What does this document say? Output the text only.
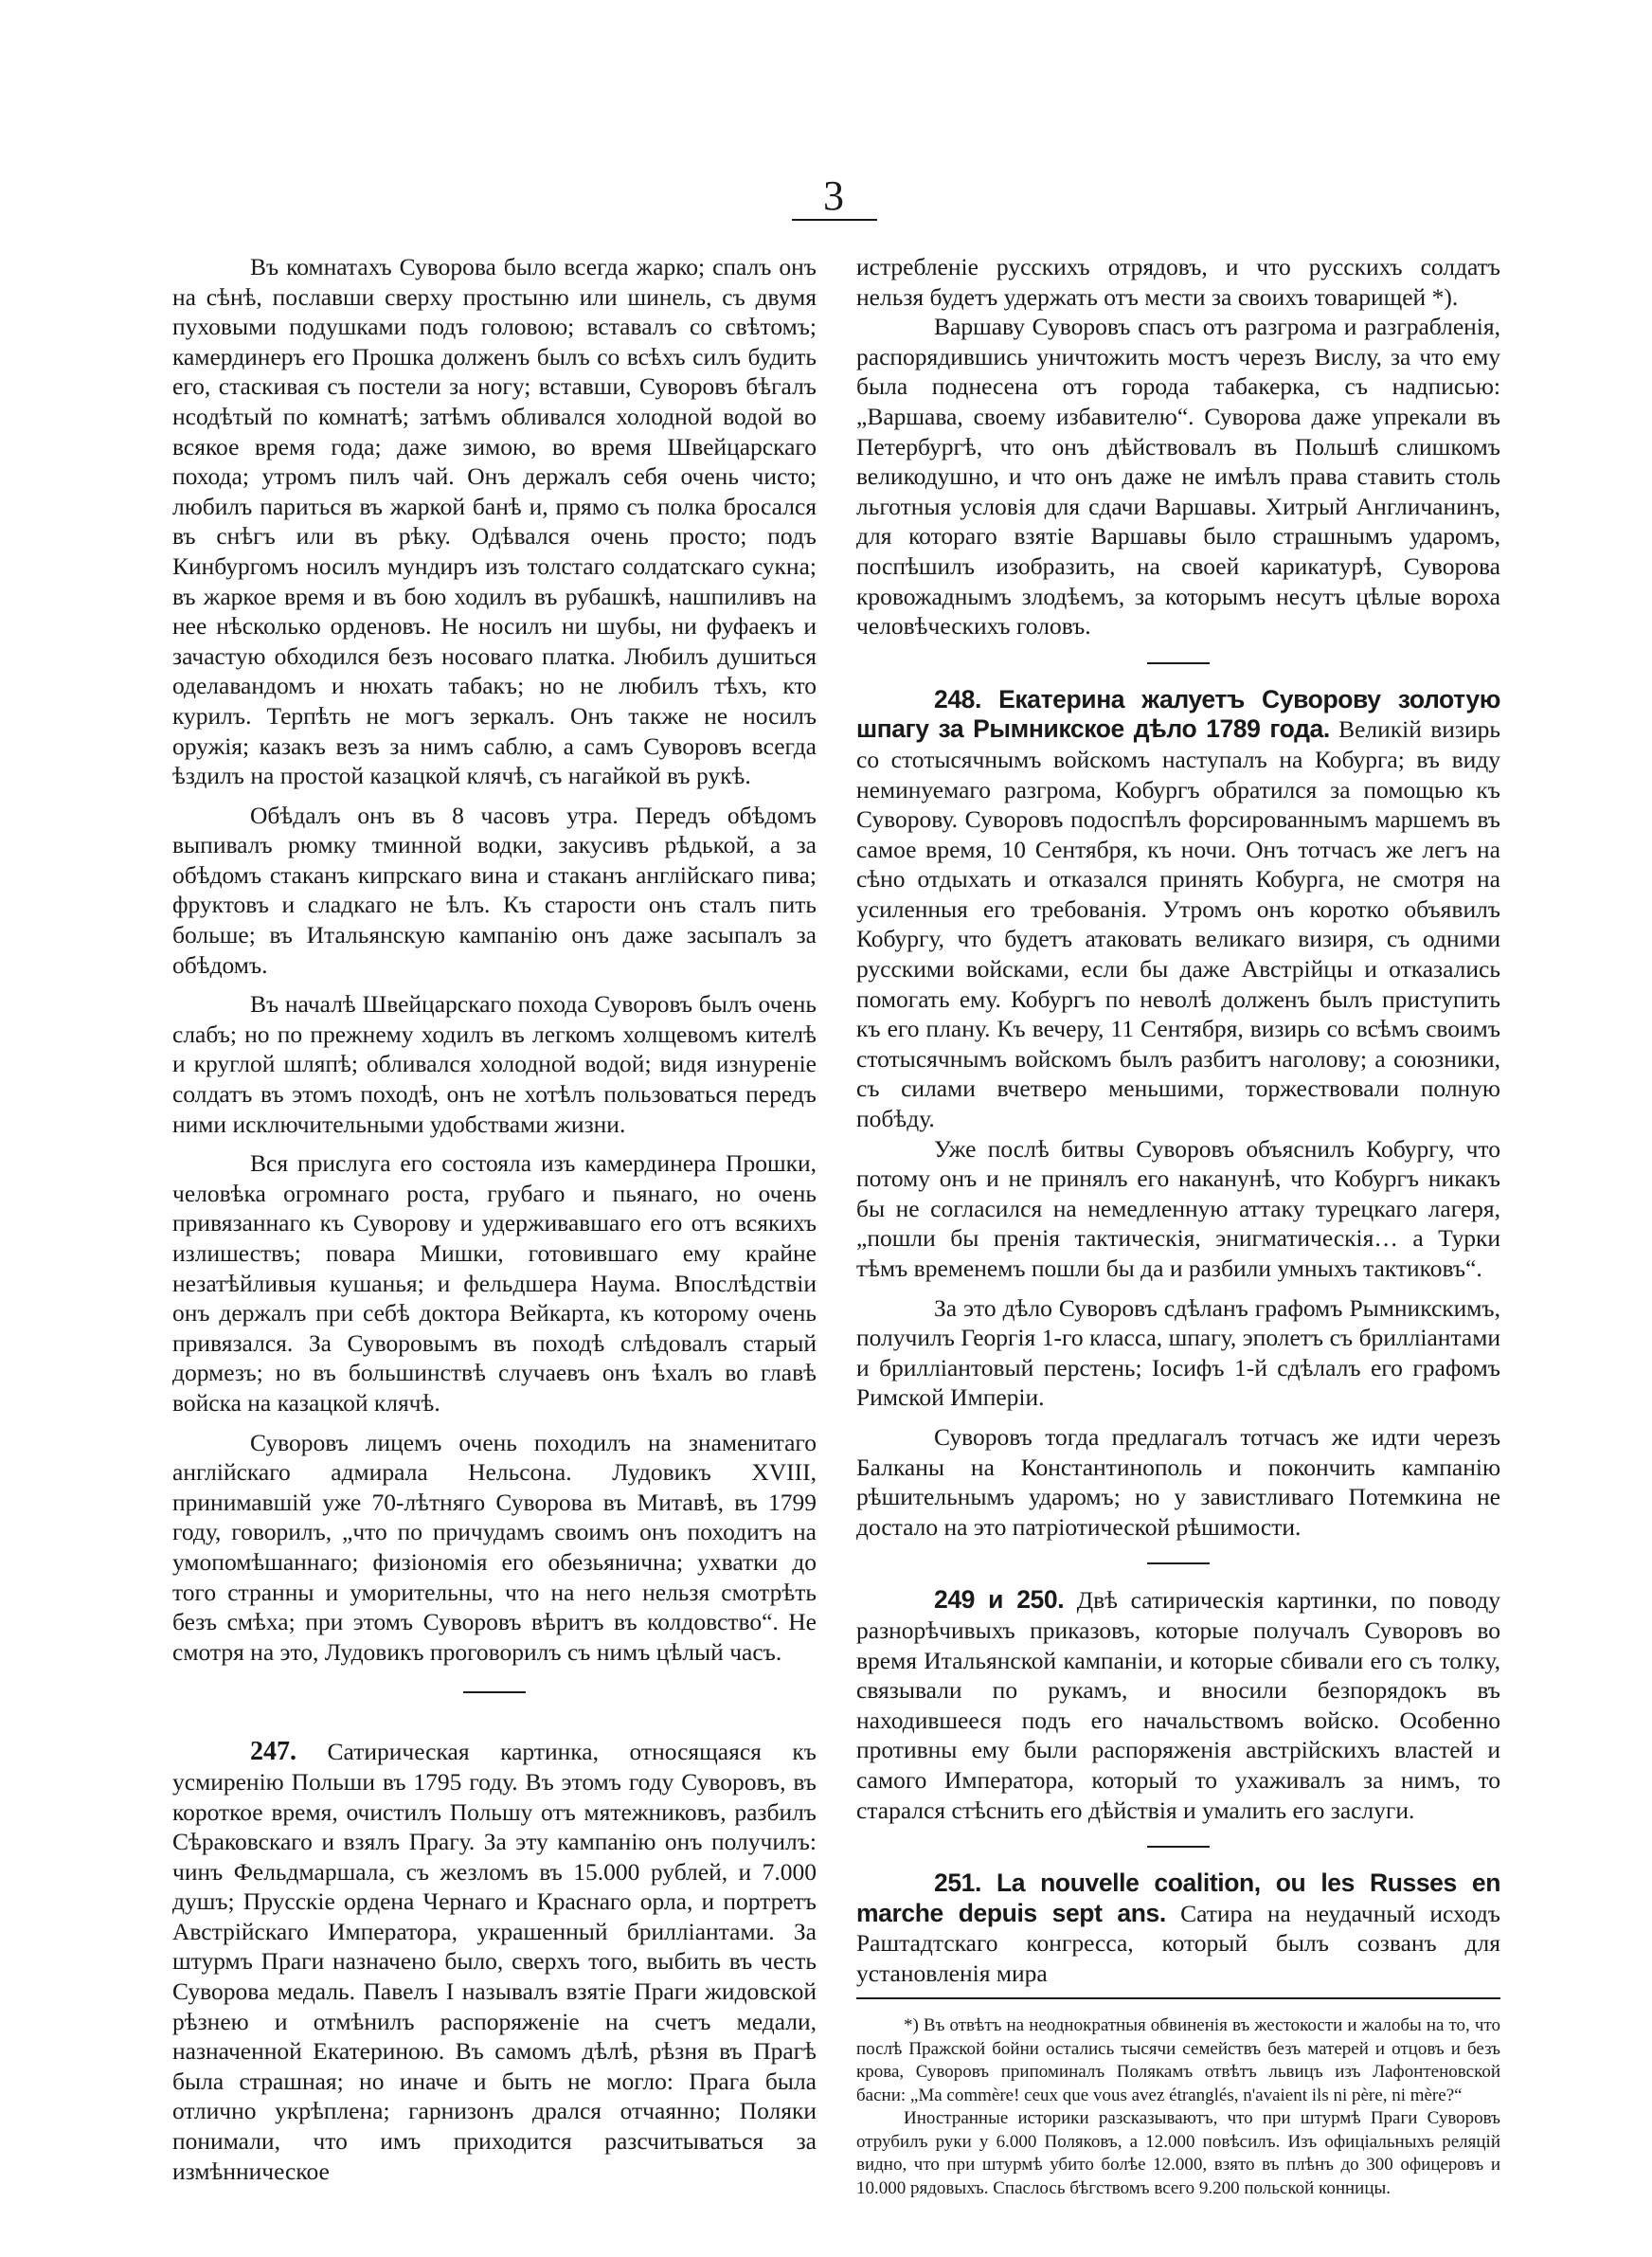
3

Въ комнатахъ Суворова было всегда жарко; спалъ онъ на сѣнѣ, пославши сверху простыню или шинель, съ двумя пуховыми подушками подъ головою; вставалъ со свѣтомъ; камердинеръ его Прошка долженъ былъ со всѣхъ силъ будить его, стаскивая съ постели за ногу; вставши, Суворовъ бѣгалъ нсодѣтый по комнатѣ; затѣмъ обливался холодной водой во всякое время года; даже зимою, во время Швейцарскаго похода; утромъ пилъ чай. Онъ держалъ себя очень чисто; любилъ париться въ жаркой банѣ и, прямо съ полка бросался въ снѣгъ или въ рѣку. Одѣвался очень просто; подъ Кинбургомъ носилъ мундиръ изъ толстаго солдатскаго сукна; въ жаркое время и въ бою ходилъ въ рубашкѣ, нашпиливъ на нее нѣсколько орденовъ. Не носилъ ни шубы, ни фуфаекъ и зачастую обходился безъ носоваго платка. Любилъ душиться оделавандомъ и нюхать табакъ; но не любилъ тѣхъ, кто курилъ. Терпѣть не могъ зеркалъ. Онъ также не носилъ оружія; казакъ везъ за нимъ саблю, а самъ Суворовъ всегда ѣздилъ на простой казацкой клячѣ, съ нагайкой въ рукѣ.

Обѣдалъ онъ въ 8 часовъ утра. Передъ обѣдомъ выпивалъ рюмку тминной водки, закусивъ рѣдькой, а за обѣдомъ стаканъ кипрскаго вина и стаканъ англійскаго пива; фруктовъ и сладкаго не ѣлъ. Къ старости онъ сталъ пить больше; въ Итальянскую кампанію онъ даже засыпалъ за обѣдомъ.

Въ началѣ Швейцарскаго похода Суворовъ былъ очень слабъ; но по прежнему ходилъ въ легкомъ холщевомъ кителѣ и круглой шляпѣ; обливался холодной водой; видя изнуреніе солдатъ въ этомъ походѣ, онъ не хотѣлъ пользоваться передъ ними исключительными удобствами жизни.

Вся прислуга его состояла изъ камердинера Прошки, человѣка огромнаго роста, грубаго и пьянаго, но очень привязаннаго къ Суворову и удерживавшаго его отъ всякихъ излишествъ; повара Мишки, готовившаго ему крайне незатѣйливыя кушанья; и фельдшера Наума. Впослѣдствіи онъ держалъ при себѣ доктора Вейкарта, къ которому очень привязался. За Суворовымъ въ походѣ слѣдовалъ старый дормезъ; но въ большинствѣ случаевъ онъ ѣхалъ во главѣ войска на казацкой клячѣ.

Суворовъ лицемъ очень походилъ на знаменитаго англійскаго адмирала Нельсона. Лудовикъ XVIII, принимавшій уже 70-лѣтняго Суворова въ Митавѣ, въ 1799 году, говорилъ, „что по причудамъ своимъ онъ походитъ на умопомѣшаннаго; физіономія его обезьянична; ухватки до того странны и уморительны, что на него нельзя смотрѣть безъ смѣха; при этомъ Суворовъ вѣритъ въ колдовство“. Не смотря на это, Лудовикъ проговорилъ съ нимъ цѣлый часъ.

247. Сатирическая картинка, относящаяся къ усмиренію Польши въ 1795 году. Въ этомъ году Суворовъ, въ короткое время, очистилъ Польшу отъ мятежниковъ, разбилъ Сѣраковскаго и взялъ Прагу. За эту кампанію онъ получилъ: чинъ Фельдмаршала, съ жезломъ въ 15.000 рублей, и 7.000 душъ; Прусскіе ордена Чернаго и Краснаго орла, и портретъ Австрійскаго Императора, украшенный бриллiантами. За штурмъ Праги назначено было, сверхъ того, выбить въ честь Суворова медаль. Павелъ I называлъ взятіе Праги жидовской рѣзнею и отмѣнилъ распоряженіе на счетъ медали, назначенной Екатериною. Въ самомъ дѣлѣ, рѣзня въ Прагѣ была страшная; но иначе и быть не могло: Прага была отлично укрѣплена; гарнизонъ дрался отчаянно; Поляки понимали, что имъ приходится разсчитываться за измѣнническое

истребленіе русскихъ отрядовъ, и что русскихъ солдатъ нельзя будетъ удержать отъ мести за своихъ товарищей *).

Варшаву Суворовъ спасъ отъ разгрома и разграбленія, распорядившись уничтожить мостъ черезъ Вислу, за что ему была поднесена отъ города табакерка, съ надписью: „Варшава, своему избавителю“. Суворова даже упрекали въ Петербургѣ, что онъ дѣйствовалъ въ Польшѣ слишкомъ великодушно, и что онъ даже не имѣлъ права ставить столь льготныя условія для сдачи Варшавы. Хитрый Англичанинъ, для котораго взятіе Варшавы было страшнымъ ударомъ, поспѣшилъ изобразить, на своей карикатурѣ, Суворова кровожаднымъ злодѣемъ, за которымъ несутъ цѣлые вороха человѣческихъ головъ.

248. Екатерина жалуетъ Суворову золотую шпагу за Рымникское дѣло 1789 года. Великій визирь со стотысячнымъ войскомъ наступалъ на Кобурга; въ виду неминуемаго разгрома, Кобургъ обратился за помощью къ Суворову. Суворовъ подоспѣлъ форсированнымъ маршемъ въ самое время, 10 Сентября, къ ночи. Онъ тотчасъ же легъ на сѣно отдыхать и отказался принять Кобурга, не смотря на усиленныя его требованія. Утромъ онъ коротко объявилъ Кобургу, что будетъ атаковать великаго визиря, съ одними русскими войсками, если бы даже Австрійцы и отказались помогать ему. Кобургъ по неволѣ долженъ былъ приступить къ его плану. Къ вечеру, 11 Сентября, визирь со всѣмъ своимъ стотысячнымъ войскомъ былъ разбитъ наголову; а союзники, съ силами вчетверо меньшими, торжествовали полную побѣду.

Уже послѣ битвы Суворовъ объяснилъ Кобургу, что потому онъ и не принялъ его наканунѣ, что Кобургъ никакъ бы не согласился на немедленную аттаку турецкаго лагеря, „пошли бы пренія тактическія, энигматическія… а Турки тѣмъ временемъ пошли бы да и разбили умныхъ тактиковъ“.

За это дѣло Суворовъ сдѣланъ графомъ Рымникскимъ, получилъ Георгія 1-го класса, шпагу, эполетъ съ бриллiантами и бриллiантовый перстень; Іосифъ 1-й сдѣлалъ его графомъ Римской Имперіи.

Суворовъ тогда предлагалъ тотчасъ же идти черезъ Балканы на Константинополь и покончить кампанію рѣшительнымъ ударомъ; но у завистливаго Потемкина не достало на это патріотической рѣшимости.

249 и 250. Двѣ сатирическія картинки, по поводу разнорѣчивыхъ приказовъ, которые получалъ Суворовъ во время Итальянской кампаніи, и которые сбивали его съ толку, связывали по рукамъ, и вносили безпорядокъ въ находившееся подъ его начальствомъ войско. Особенно противны ему были распоряженія австрійскихъ властей и самого Императора, который то ухаживалъ за нимъ, то старался стѣснить его дѣйствія и умалить его заслуги.

251. La nouvelle coalition, ou les Russes en marche depuis sept ans. Сатира на неудачный исходъ Раштадтскаго конгресса, который былъ созванъ для установленія мира

*) Въ отвѣтъ на неоднократныя обвиненія въ жестокости и жалобы на то, что послѣ Пражской бойни остались тысячи семействъ безъ матерей и отцовъ и безъ крова, Суворовъ припоминалъ Полякамъ отвѣтъ львицъ изъ Лафонтеновской басни: „Ma commère! ceux que vous avez étranglés, n'avaient ils ni père, ni mère?“

Иностранные историки разсказываютъ, что при штурмѣ Праги Суворовъ отрубилъ руки у 6.000 Поляковъ, а 12.000 повѣсилъ. Изъ офиціальныхъ реляцій видно, что при штурмѣ убито болѣе 12.000, взято въ плѣнъ до 300 офицеровъ и 10.000 рядовыхъ. Спаслось бѣгствомъ всего 9.200 польской конницы.
